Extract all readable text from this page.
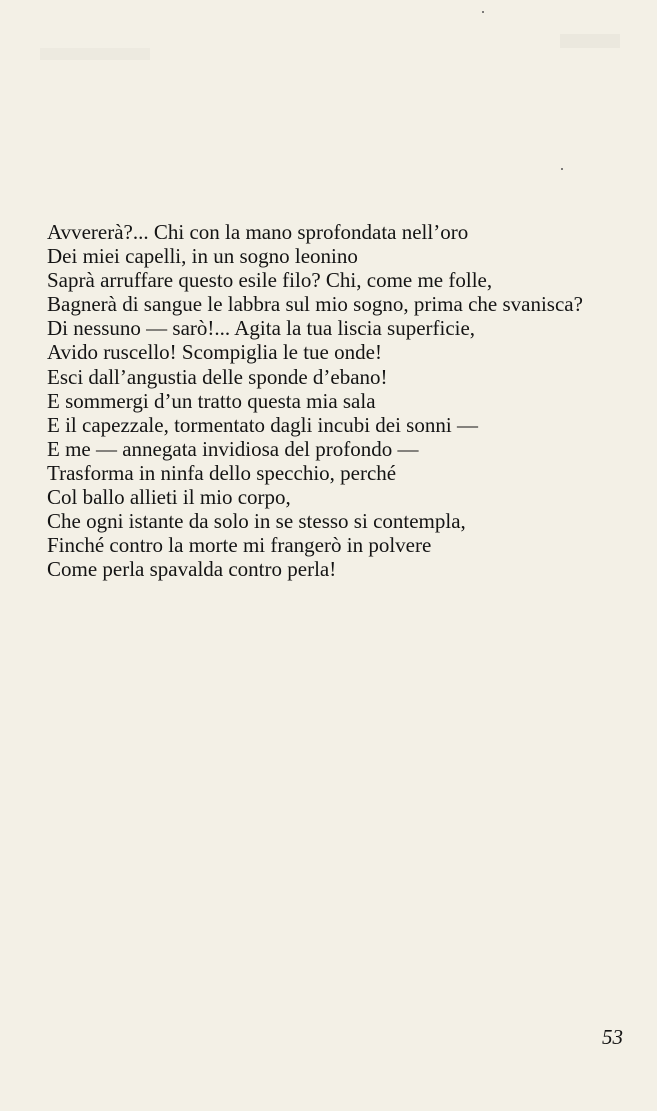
Avvererà?... Chi con la mano sprofondata nell’oro
Dei miei capelli, in un sogno leonino
Saprà arruffare questo esile filo? Chi, come me folle,
Bagnerà di sangue le labbra sul mio sogno, prima che svanisca?
Di nessuno — sarò!... Agita la tua liscia superficie,
Avido ruscello! Scompiglia le tue onde!
Esci dall’angustia delle sponde d’ebano!
E sommergi d’un tratto questa mia sala
E il capezzale, tormentato dagli incubi dei sonni —
E me — annegata invidiosa del profondo —
Trasforma in ninfa dello specchio, perché
Col ballo allieti il mio corpo,
Che ogni istante da solo in se stesso si contempla,
Finché contro la morte mi frangerò in polvere
Come perla spavalda contro perla!
53
